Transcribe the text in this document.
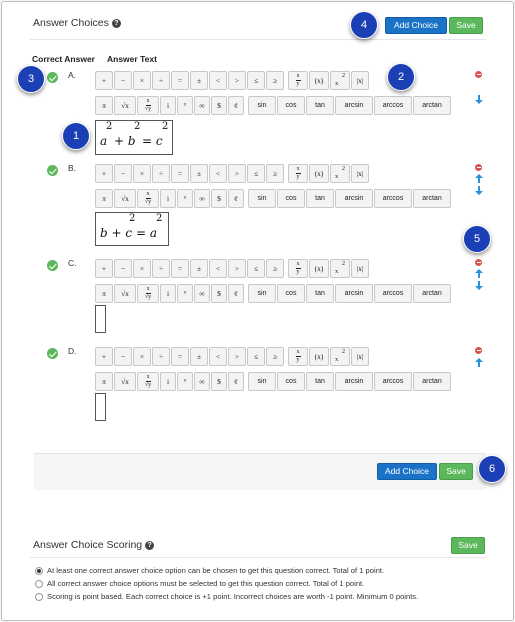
Answer Choices ?	Add Choice	Save
Correct Answer Answer Text
A.
+	−	×	÷	=	±	<	>	≤	≥	$\frac{x}{y} (x)$	2
x	|x|
π	√x	$\frac{x}{√y}$	i	°	∞	$	¢	sin	cos	tan	arcsin	arccos	arctan
a
2
+ b
2
= c
2
B.
+	−	×	÷	=	±	<	>	≤	≥	$\frac{x}{y} (x)$	2
x	|x|
π	√x	$\frac{x}{√y}$	i	°	∞	$	¢	sin	cos	tan	arcsin	arccos	arctan
b + c
2
= a
2
C.
+	−	×	÷	=	±	<	>	≤	≥	$\frac{x}{y} (x)$	2
x	|x|
π	√x	$\frac{x}{√y}$	i	°	∞	$	¢	sin	cos	tan	arcsin	arccos	arctan
D.
+	−	×	÷	=	±	<	>	≤	≥	$\frac{x}{y} (x)$	2
x	|x|
π	√x	$\frac{x}{√y}$	i	°	∞	$	¢	sin	cos	tan	arcsin	arccos	arctan
Add Choice	Save
Answer Choice Scoring ?	Save
At least one correct answer choice option can be chosen to get this question correct. Total of 1 point.
All correct answer choice options must be selected to get this question correct. Total of 1 point.
Scoring is point based. Each correct choice is +1 point. Incorrect choices are worth -1 point. Minimum 0 points.
1
2
3
4
5
6
